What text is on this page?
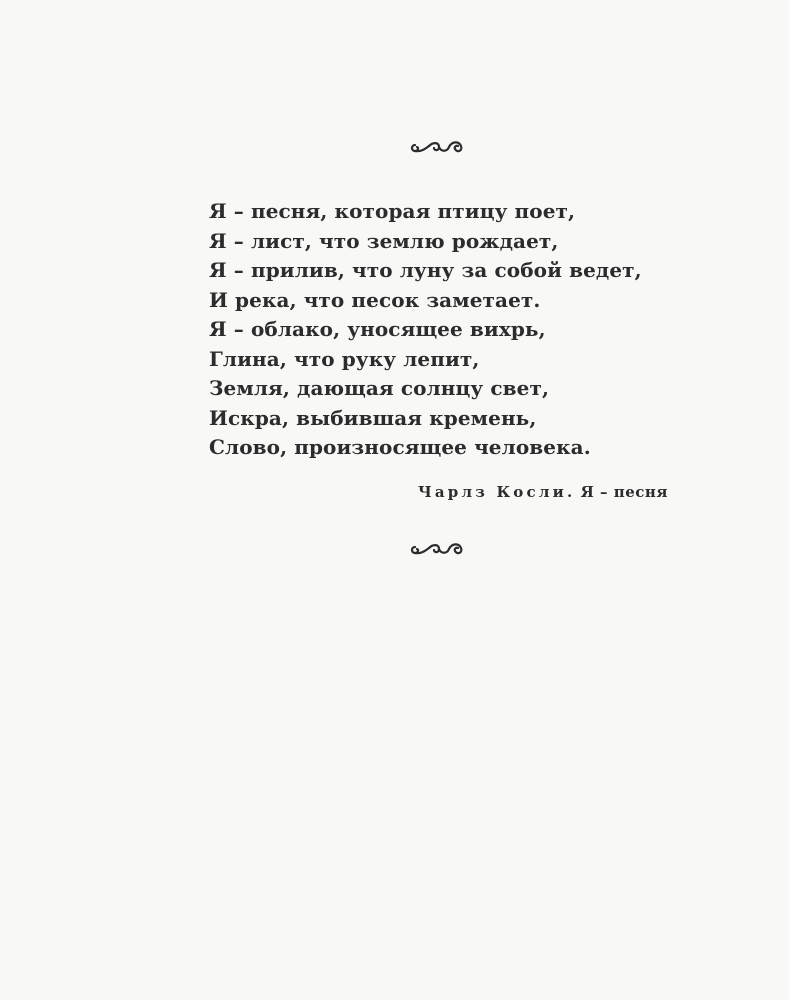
Я – песня, которая птицу поет,
Я – лист, что землю рождает,
Я – прилив, что луну за собой ведет,
И река, что песок заметает.
Я – облако, уносящее вихрь,
Глина, что руку лепит,
Земля, дающая солнцу свет,
Искра, выбившая кремень,
Слово, произносящее человека.
Чарлз Косли. Я – песня
